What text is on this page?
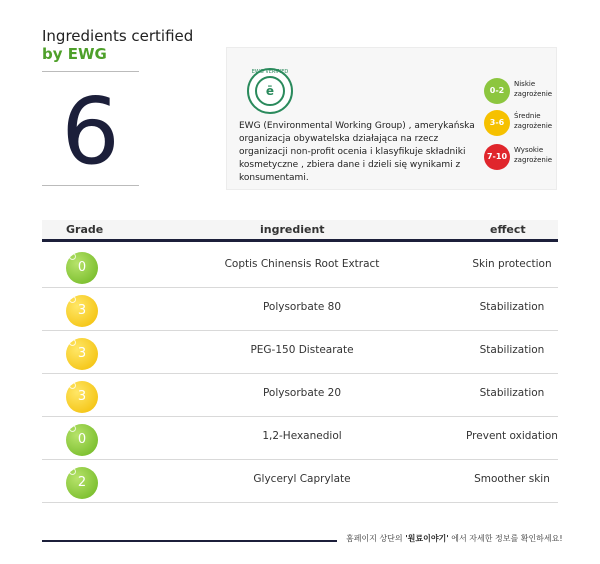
Ingredients certified
by EWG
6
EWG VERIFIED
ē
EWG (Environmental Working Group) , amerykańska organizacja obywatelska działająca na rzecz organizacji non-profit ocenia i klasyfikuje składniki kosmetyczne , zbiera dane i dzieli się wynikami z konsumentami.
0-2
Niskie zagrożenie
3-6
Średnie zagrożenie
7-10
Wysokie zagrożenie
Grade	ingredient	effect
0	Coptis Chinensis Root Extract	Skin protection
3	Polysorbate 80	Stabilization
3	PEG-150 Distearate	Stabilization
3	Polysorbate 20	Stabilization
0	1,2-Hexanediol	Prevent oxidation
2	Glyceryl Caprylate	Smoother skin
홈페이지 상단의 '원료이야기' 에서 자세한 정보를 확인하세요!
